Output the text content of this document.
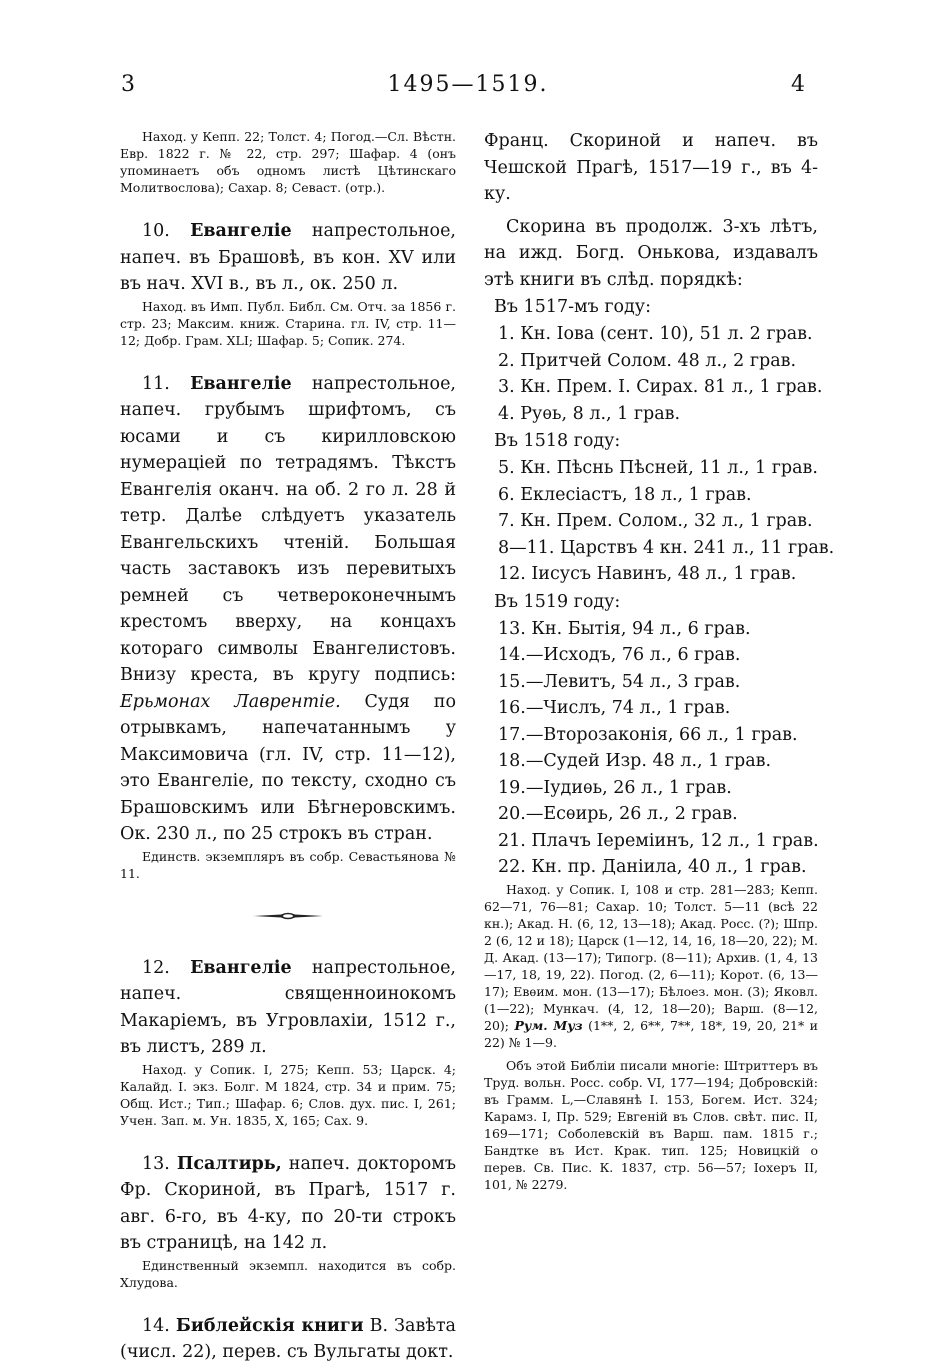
1495—1519.
3	4

Наход. у Кепп. 22; Толст. 4; Погод.—Сл. Вѣстн. Евр. 1822 г. № 22, стр. 297; Шафар. 4 (онъ упоминаетъ объ одномъ листѣ Цѣтинскаго Молитвослова); Сахар. 8; Севаст. (отр.).

10. Евангеліе напрестольное, напеч. въ Брашовѣ, въ кон. XV или въ нач. XVI в., въ л., ок. 250 л.

Наход. въ Имп. Публ. Библ. См. Отч. за 1856 г. стр. 23; Максим. книж. Старина. гл. IV, стр. 11—12; Добр. Грам. XLI; Шафар. 5; Сопик. 274.

11. Евангеліе напрестольное, напеч. грубымъ шрифтомъ, съ юсами и съ кирилловскою нумераціей по тетрадямъ. Тѣкстъ Евангелія оканч. на об. 2 го л. 28 й тетр. Далѣе слѣдуетъ указатель Евангельскихъ чтеній. Большая часть заставокъ изъ перевитыхъ ремней съ четвероконечнымъ крестомъ вверху, на концахъ котораго символы Евангелистовъ. Внизу креста, въ кругу подпись: Ерьмонах Лаврентіе. Судя по отрывкамъ, напечатаннымъ у Максимовича (гл. IV, стр. 11—12), это Евангеліе, по тексту, сходно съ Брашовскимъ или Бѣгнеровскимъ. Ок. 230 л., по 25 строкъ въ стран.

Единств. экземпляръ въ собр. Севастьянова № 11.

12. Евангеліе напрестольное, напеч. священноинокомъ Макаріемъ, въ Угровлахіи, 1512 г., въ листъ, 289 л.

Наход. у Сопик. I, 275; Кепп. 53; Царск. 4; Калайд. I. экз. Болг. М 1824, стр. 34 и прим. 75; Общ. Ист.; Тип.; Шафар. 6; Слов. дух. пис. I, 261; Учен. Зап. м. Ун. 1835, X, 165; Сах. 9.

13. Псалтирь, напеч. докторомъ Фр. Скориной, въ Прагѣ, 1517 г. авг. 6-го, въ 4-ку, по 20-ти строкъ въ страницѣ, на 142 л.

Единственный экземпл. находится въ собр. Хлудова.

14. Библейскія книги В. Завѣта (числ. 22), перев. съ Вульгаты докт.

Франц. Скориной и напеч. въ Чешской Прагѣ, 1517—19 г., въ 4-ку.

Скорина въ продолж. 3-хъ лѣтъ, на ижд. Богд. Онькова, издавалъ этѣ книги въ слѣд. порядкѣ:

Въ 1517-мъ году:

1. Кн. Іова (сент. 10), 51 л. 2 грав.

2. Притчей Солом. 48 л., 2 грав.

3. Кн. Прем. І. Сирах. 81 л., 1 грав.

4. Руѳь, 8 л., 1 грав.

Въ 1518 году:

5. Кн. Пѣснь Пѣсней, 11 л., 1 грав.

6. Еклесіастъ, 18 л., 1 грав.

7. Кн. Прем. Солом., 32 л., 1 грав.

8—11. Царствъ 4 кн. 241 л., 11 грав.

12. Іисусъ Навинъ, 48 л., 1 грав.

Въ 1519 году:

13. Кн. Бытія, 94 л., 6 грав.

14.—Исходъ, 76 л., 6 грав.

15.—Левитъ, 54 л., 3 грав.

16.—Числъ, 74 л., 1 грав.

17.—Второзаконія, 66 л., 1 грав.

18.—Судей Изр. 48 л., 1 грав.

19.—Іудиѳь, 26 л., 1 грав.

20.—Есѳирь, 26 л., 2 грав.

21. Плачъ Іереміинъ, 12 л., 1 грав.

22. Кн. пр. Даніила, 40 л., 1 грав.

Наход. у Сопик. I, 108 и стр. 281—283; Кепп. 62—71, 76—81; Сахар. 10; Толст. 5—11 (всѣ 22 кн.); Акад. Н. (6, 12, 13—18); Акад. Росс. (?); Шпр. 2 (6, 12 и 18); Царск (1—12, 14, 16, 18—20, 22); М. Д. Акад. (13—17); Типогр. (8—11); Архив. (1, 4, 13—17, 18, 19, 22). Погод. (2, 6—11); Корот. (6, 13—17); Евѳим. мон. (13—17); Бѣлоез. мон. (3); Яковл. (1—22); Мункач. (4, 12, 18—20); Варш. (8—12, 20); Рум. Муз (1**, 2, 6**, 7**, 18*, 19, 20, 21* и 22) № 1—9.

Объ этой Библіи писали многіе: Штриттеръ въ Труд. вольн. Росс. собр. VI, 177—194; Добровскій: въ Грамм. L,—Славянѣ I. 153, Богем. Ист. 324; Карамз. I, Пр. 529; Евгеній въ Слов. свѣт. пис. II, 169—171; Соболевскій въ Варш. пам. 1815 г.; Бандтке въ Ист. Крак. тип. 125; Новицкій о перев. Св. Пис. К. 1837, стр. 56—57; Іохеръ II, 101, № 2279.
